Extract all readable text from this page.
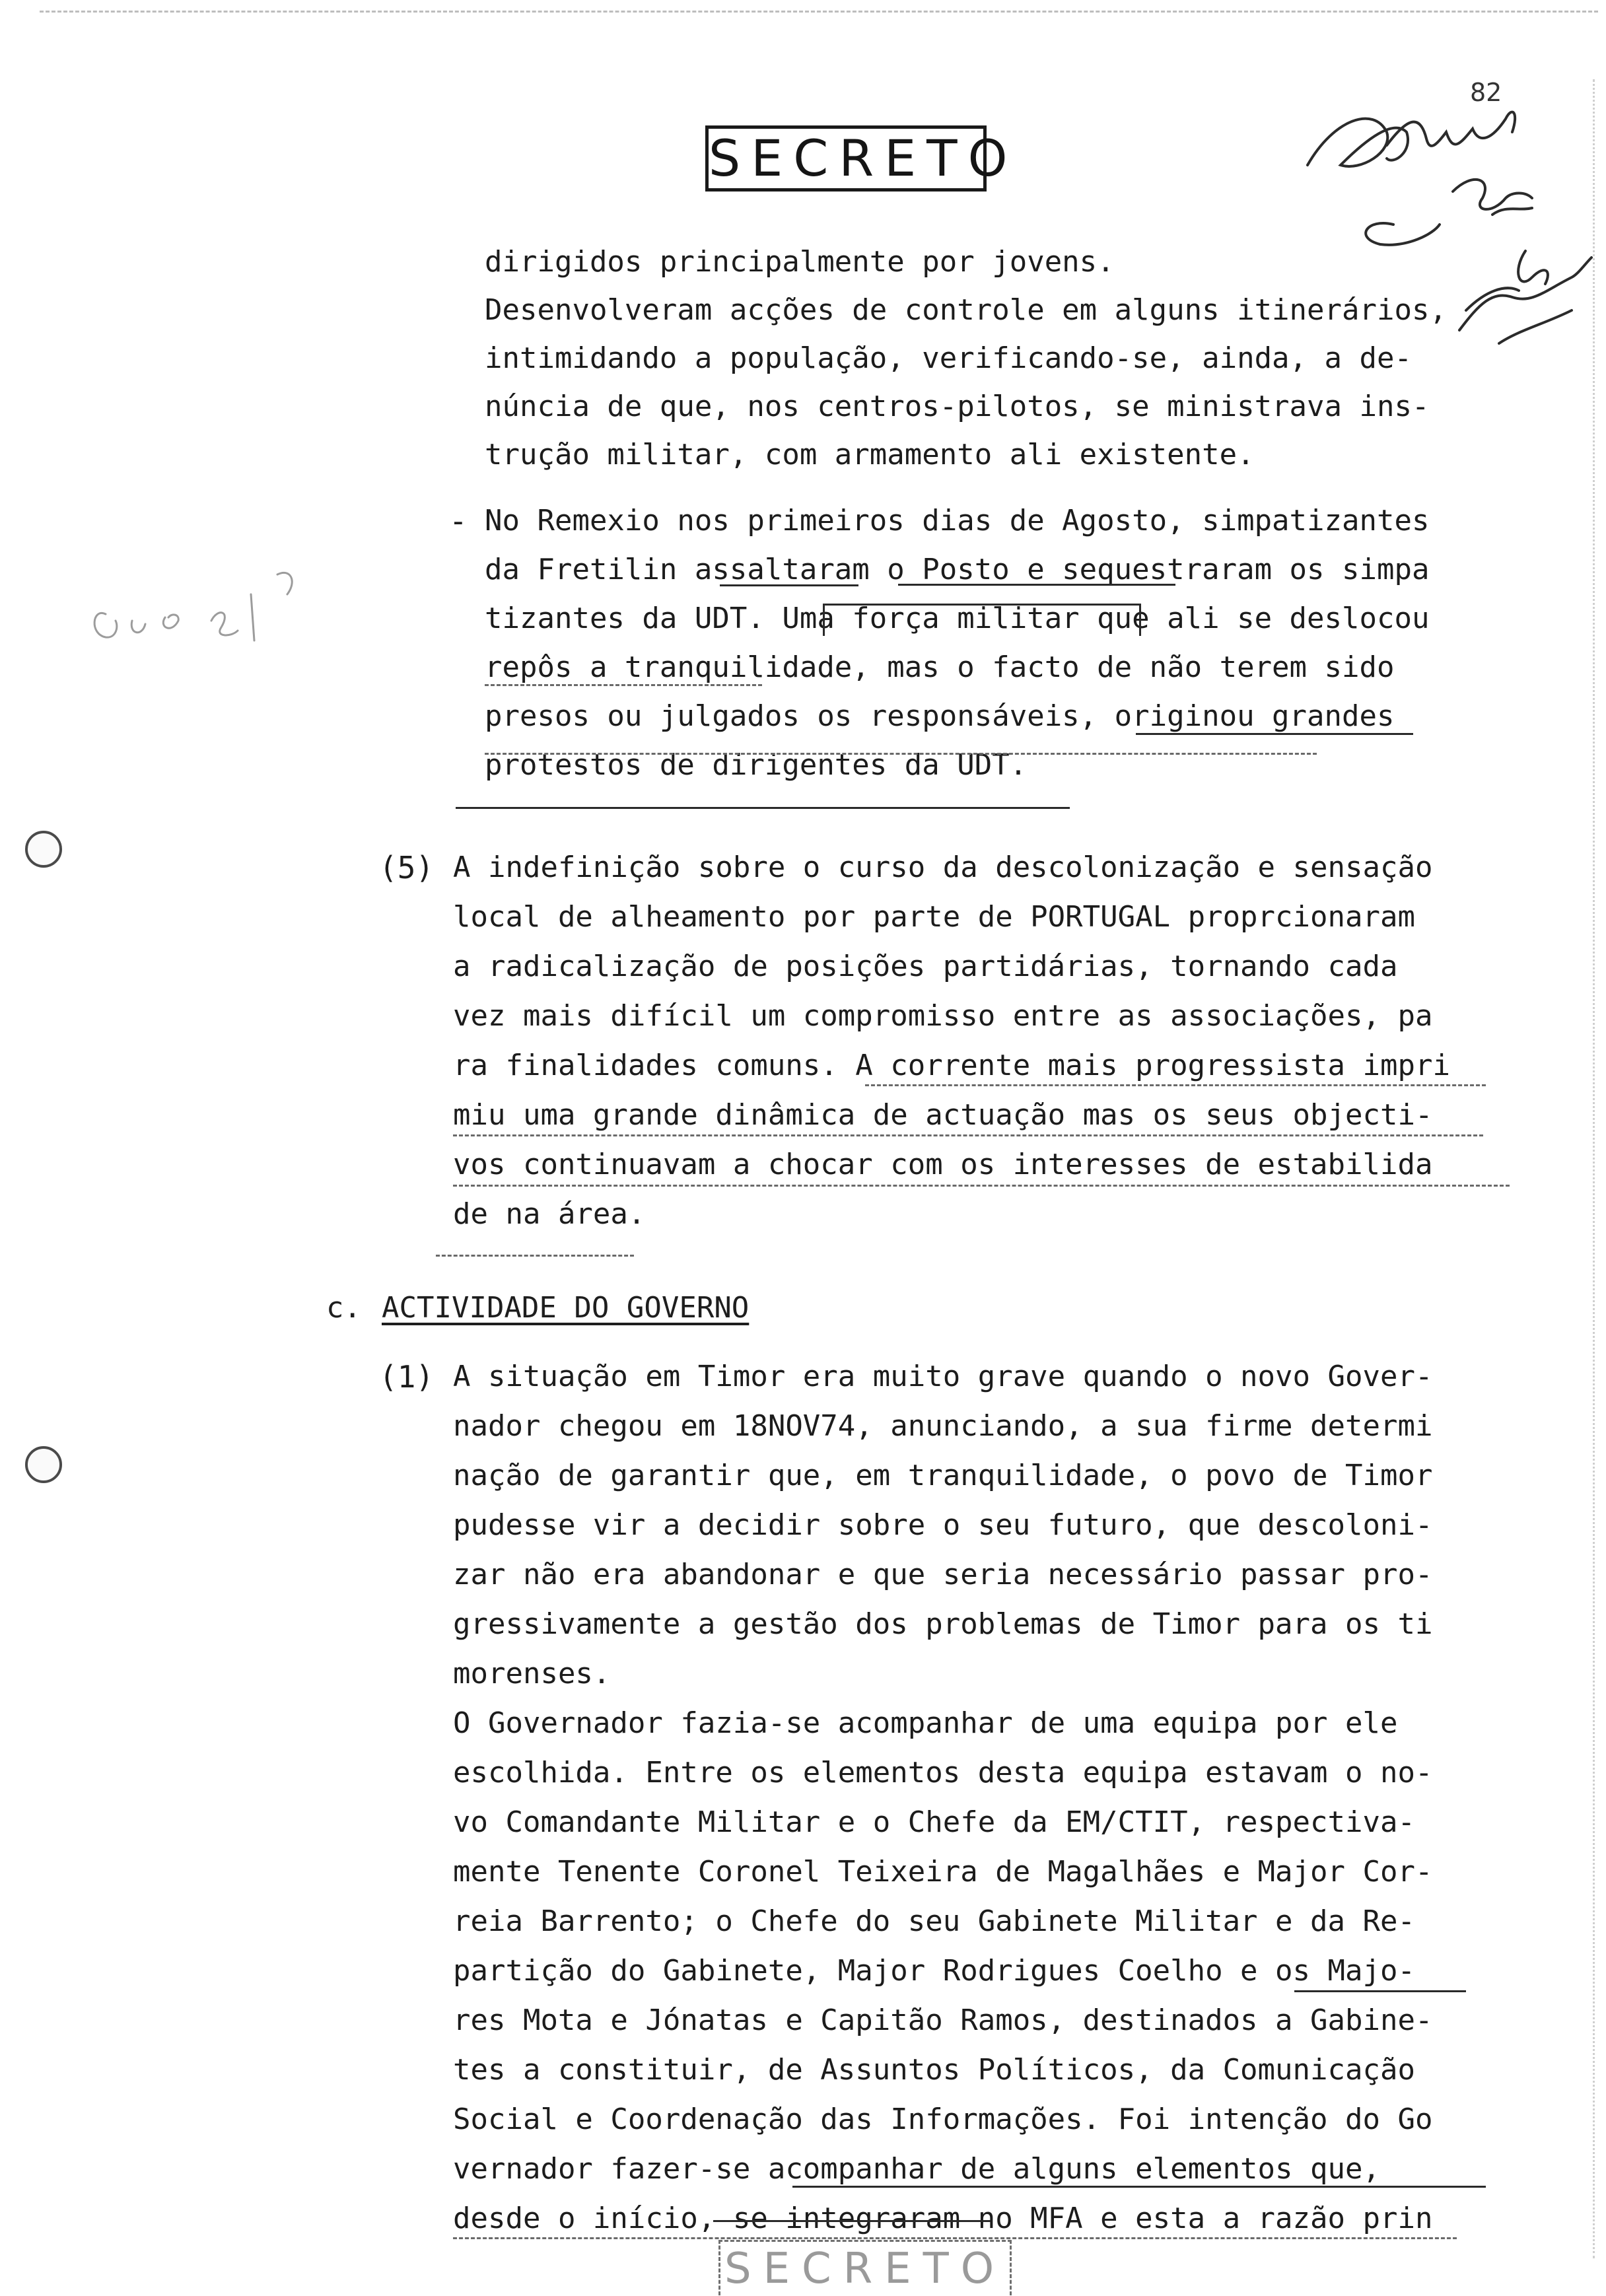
SECRETO
82
dirigidos principalmente por jovens.
Desenvolveram acções de controle em alguns itinerários,
intimidando a população, verificando-se, ainda, a de-
núncia de que, nos centros-pilotos, se ministrava ins-
trução militar, com armamento ali existente.
- No Remexio nos primeiros dias de Agosto, simpatizantes
da Fretilin assaltaram o Posto e sequestraram os simpa
tizantes da UDT. Uma força militar que ali se deslocou
repôs a tranquilidade, mas o facto de não terem sido
presos ou julgados os responsáveis, originou grandes
protestos de dirigentes da UDT.
(5) A indefinição sobre o curso da descolonização e sensação
local de alheamento por parte de PORTUGAL proprcionaram
a radicalização de posições partidárias, tornando cada
vez mais difícil um compromisso entre as associações, pa
ra finalidades comuns. A corrente mais progressista impri
miu uma grande dinâmica de actuação mas os seus objecti-
vos continuavam a chocar com os interesses de estabilida
de na área.
c. ACTIVIDADE DO GOVERNO
(1) A situação em Timor era muito grave quando o novo Gover-
nador chegou em 18NOV74, anunciando, a sua firme determi
nação de garantir que, em tranquilidade, o povo de Timor
pudesse vir a decidir sobre o seu futuro, que descoloni-
zar não era abandonar e que seria necessário passar pro-
gressivamente a gestão dos problemas de Timor para os ti
morenses.
O Governador fazia-se acompanhar de uma equipa por ele
escolhida. Entre os elementos desta equipa estavam o no-
vo Comandante Militar e o Chefe da EM/CTIT, respectiva-
mente Tenente Coronel Teixeira de Magalhães e Major Cor-
reia Barrento; o Chefe do seu Gabinete Militar e da Re-
partição do Gabinete, Major Rodrigues Coelho e os Majo-
res Mota e Jónatas e Capitão Ramos, destinados a Gabine-
tes a constituir, de Assuntos Políticos, da Comunicação
Social e Coordenação das Informações. Foi intenção do Go
vernador fazer-se acompanhar de alguns elementos que,
desde o início, se integraram no MFA e esta a razão prin
SECRETO
